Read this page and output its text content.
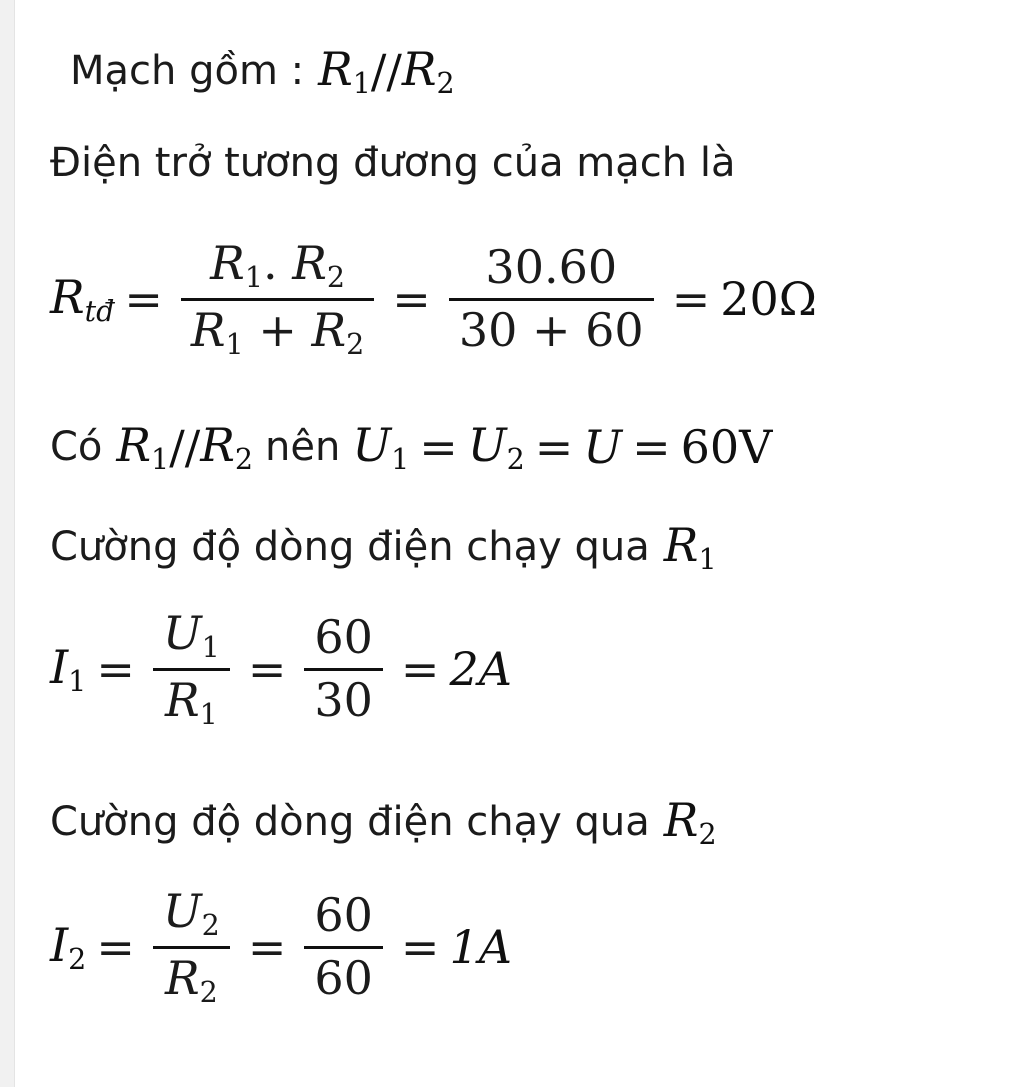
Mạch gồm : $R_1 // R_2$
Điện trở tương đương của mạch là
$R_{tđ} = \frac{R_1. R_2}{R_1 + R_2} = \frac{30.60}{30 + 60} = 20\Omega$
Có $R_1 // R_2$ nên $U_1 = U_2 = U = 60V$
Cường độ dòng điện chạy qua $R_1$
$I_1 = \frac{U_1}{R_1} = \frac{60}{30} = 2A$
Cường độ dòng điện chạy qua $R_2$
$I_2 = \frac{U_2}{R_2} = \frac{60}{60} = 1A$
